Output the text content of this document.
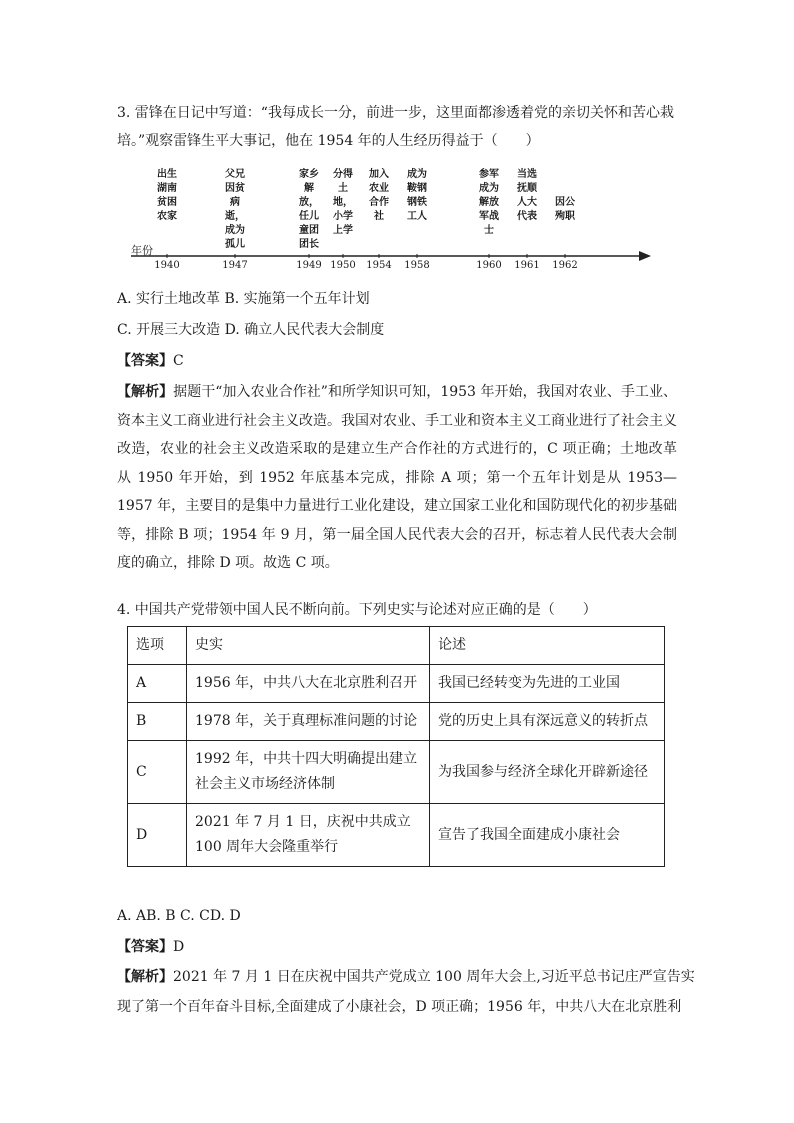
3. 雷锋在日记中写道：“我每成长一分，前进一步，这里面都渗透着党的亲切关怀和苦心栽
培。”观察雷锋生平大事记，他在 1954 年的人生经历得益于（　　）
年份
出生湖南贫困农家
父兄因贫病逝，成为孤儿
家乡解放，任儿童团团长
分得土地，小学上学
加入农业合作社
成为鞍钢钢铁工人
参军成为解放军战士
当选抚顺人大代表
因公殉职
1940	1947	1949 1950 1954 1958	1960 1961 1962
A. 实行土地改革 B. 实施第一个五年计划
C. 开展三大改造 D. 确立人民代表大会制度
【答案】C
【解析】据题干“加入农业合作社”和所学知识可知，1953 年开始，我国对农业、手工业、资本主义工商业进行社会主义改造。我国对农业、手工业和资本主义工商业进行了社会主义改造，农业的社会主义改造采取的是建立生产合作社的方式进行的，C 项正确；土地改革从 1950 年开始，到 1952 年底基本完成，排除 A 项；第一个五年计划是从 1953—1957 年，主要目的是集中力量进行工业化建设，建立国家工业化和国防现代化的初步基础等，排除 B 项；1954 年 9 月，第一届全国人民代表大会的召开，标志着人民代表大会制度的确立，排除 D 项。故选 C 项。
4. 中国共产党带领中国人民不断向前。下列史实与论述对应正确的是（　　）
选项	史实	论述
A	1956 年，中共八大在北京胜利召开	我国已经转变为先进的工业国
B	1978 年，关于真理标准问题的讨论	党的历史上具有深远意义的转折点
C	1992 年，中共十四大明确提出建立社会主义市场经济体制	为我国参与经济全球化开辟新途径
D	2021 年 7 月 1 日，庆祝中共成立 100 周年大会隆重举行	宣告了我国全面建成小康社会
A. AB. B C. CD. D
【答案】D
【解析】2021 年 7 月 1 日在庆祝中国共产党成立 100 周年大会上,习近平总书记庄严宣告实
现了第一个百年奋斗目标,全面建成了小康社会，D 项正确；1956 年，中共八大在北京胜利
